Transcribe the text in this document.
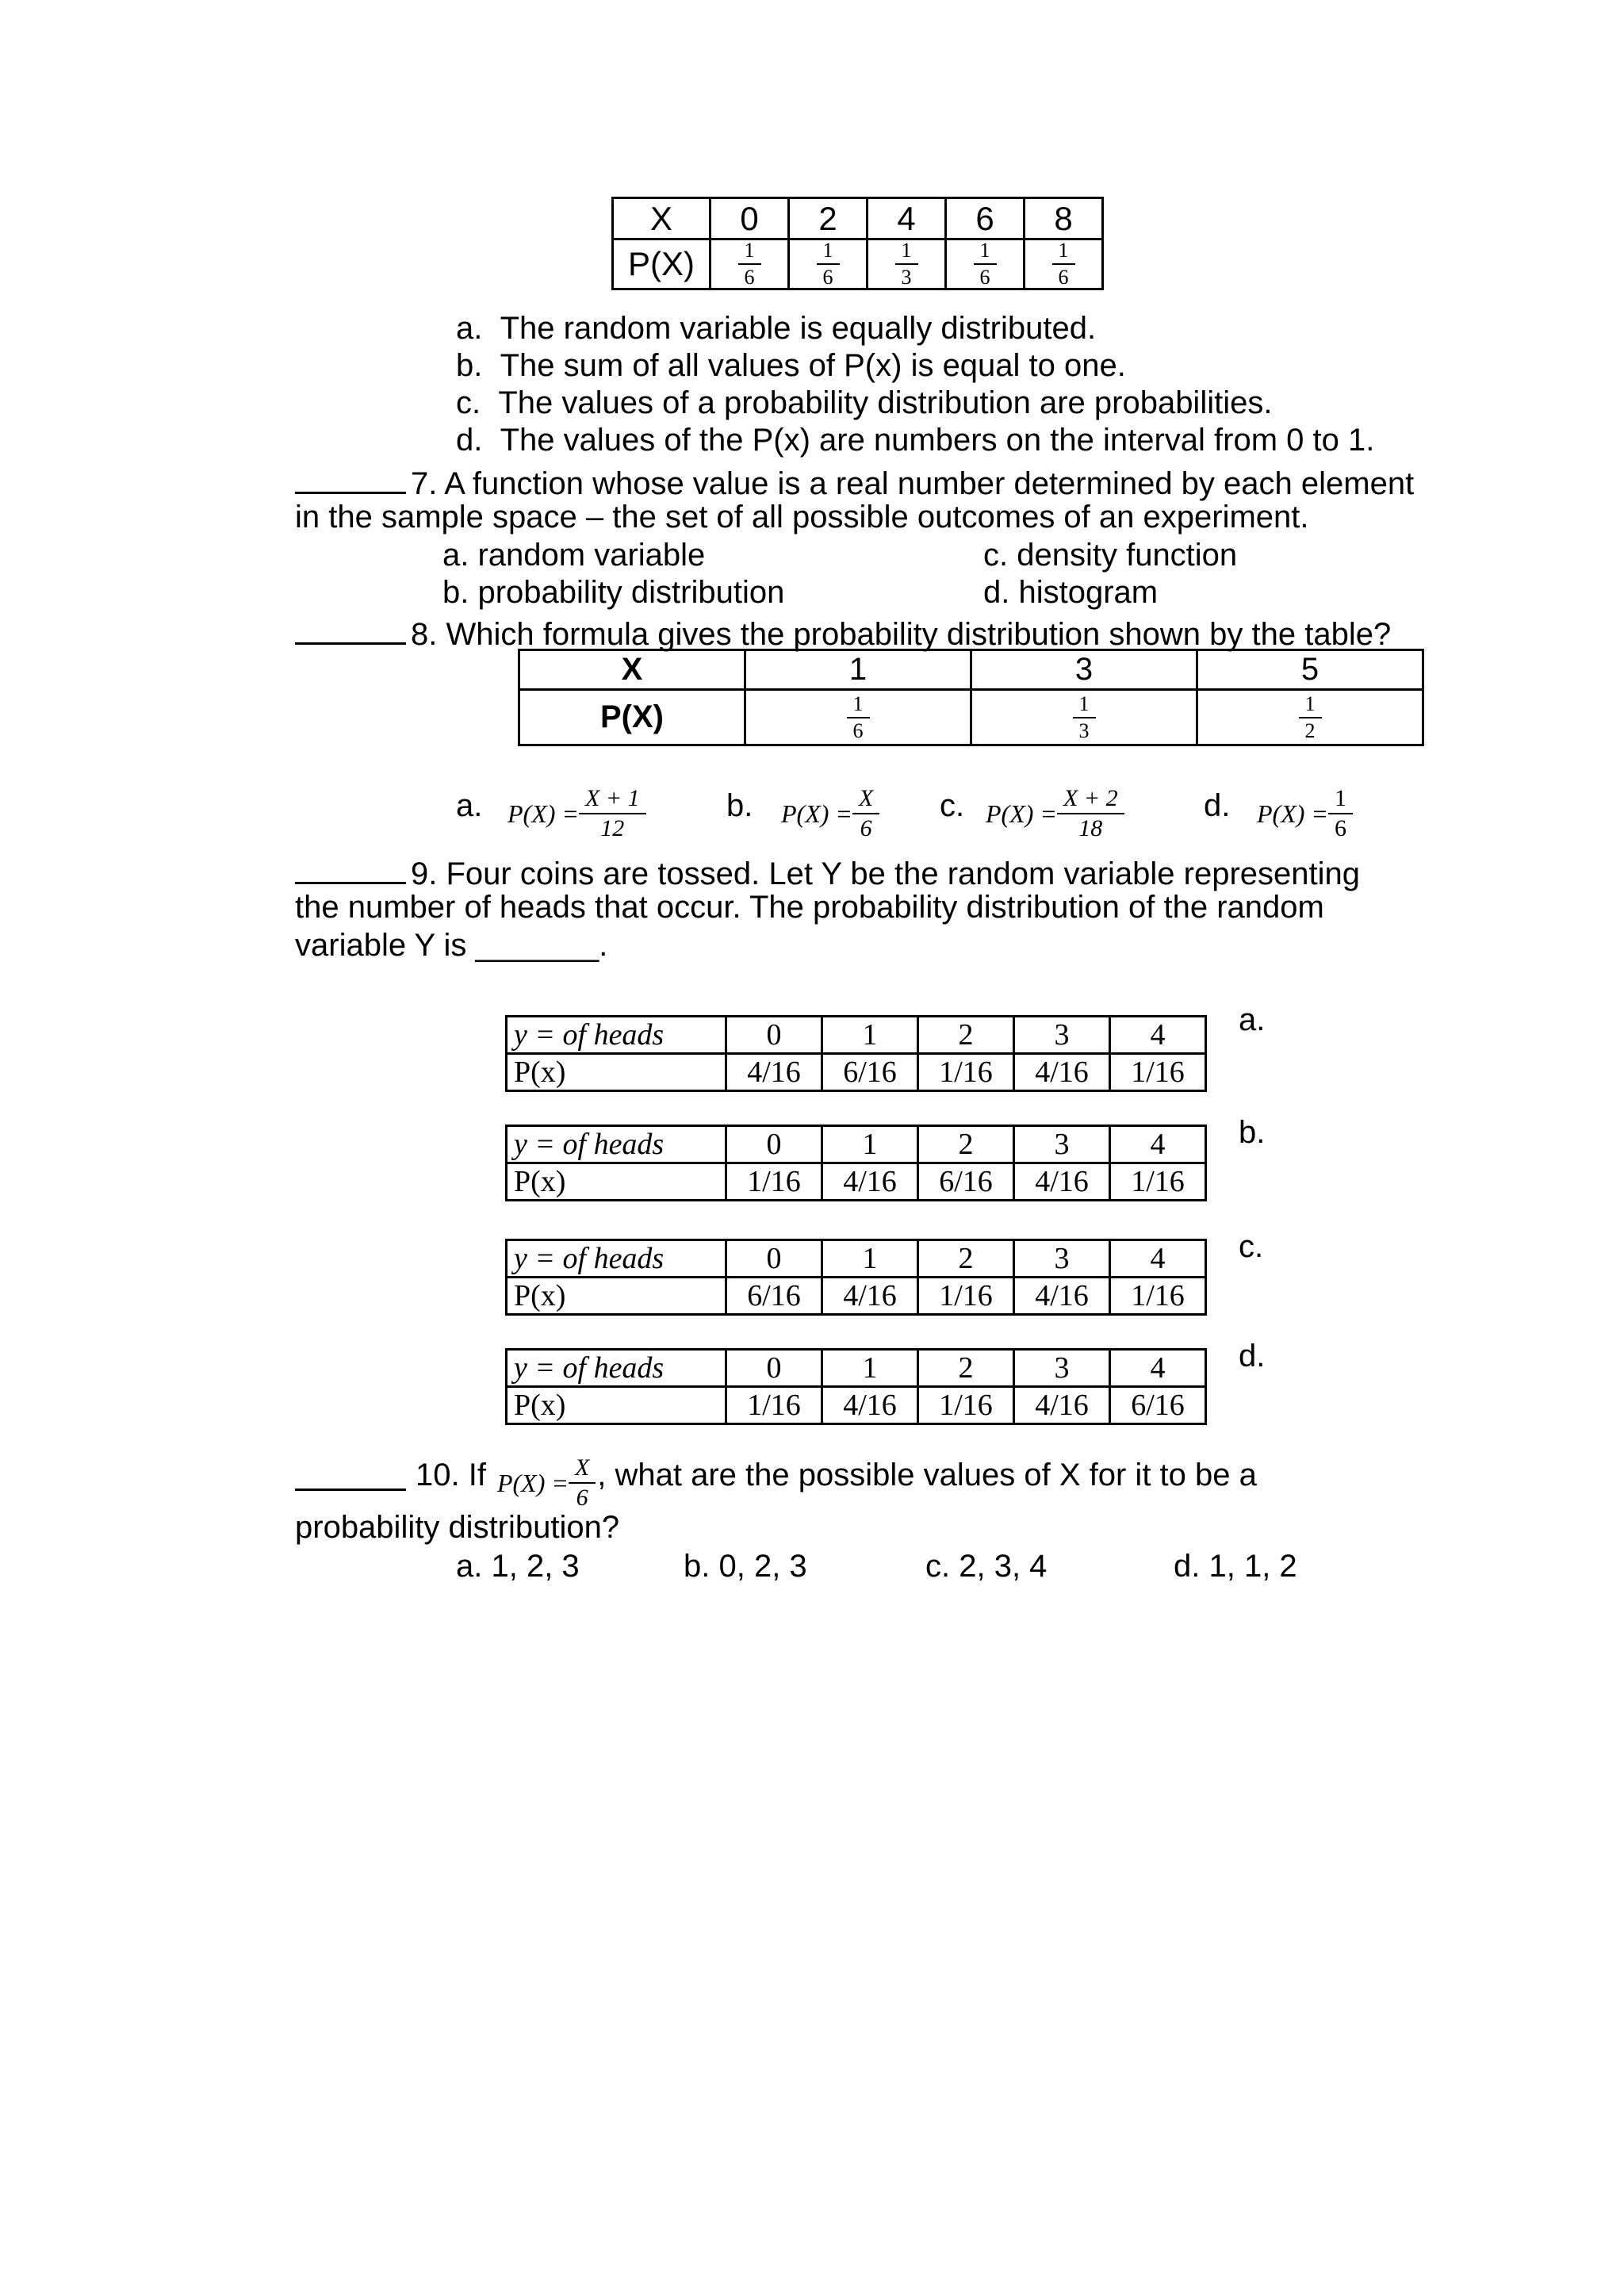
X	0	2	4	6	8
P(X)	$\frac{1}{6}$	$\frac{1}{6}$	$\frac{1}{3}$	$\frac{1}{6}$	$\frac{1}{6}$
a. The random variable is equally distributed.
b. The sum of all values of P(x) is equal to one.
c. The values of a probability distribution are probabilities.
d. The values of the P(x) are numbers on the interval from 0 to 1.
7. A function whose value is a real number determined by each element
in the sample space – the set of all possible outcomes of an experiment.
a. random variable
b. probability distribution
c. density function
d. histogram
8. Which formula gives the probability distribution shown by the table?
X	1	3	5
P(X)	$\frac{1}{6}$	$\frac{1}{3}$	$\frac{1}{2}$
a. $P(X) = \frac{X + 1}{12}$	b. $P(X) = \frac{X}{6} c$. $P(X) = \frac{X + 2}{18}$	d. $P(X) = \frac{1}{6}$
9. Four coins are tossed. Let Y be the random variable representing
the number of heads that occur. The probability distribution of the random
variable Y is _______.
a.
y = of heads	0	1	2	3	4
P(x)	4/16	6/16	1/16	4/16	1/16
b.
y = of heads	0	1	2	3	4
P(x)	1/16	4/16	6/16	4/16	1/16
c.
y = of heads	0	1	2	3	4
P(x)	6/16	4/16	1/16	4/16	1/16
d.
y = of heads	0	1	2	3	4
P(x)	1/16	4/16	1/16	4/16	6/16
10. If $P(X) = \frac{X}{6}$ , what are the possible values of X for it to be a
probability distribution?
a. 1, 2, 3	b. 0, 2, 3	c. 2, 3, 4	d. 1, 1, 2
